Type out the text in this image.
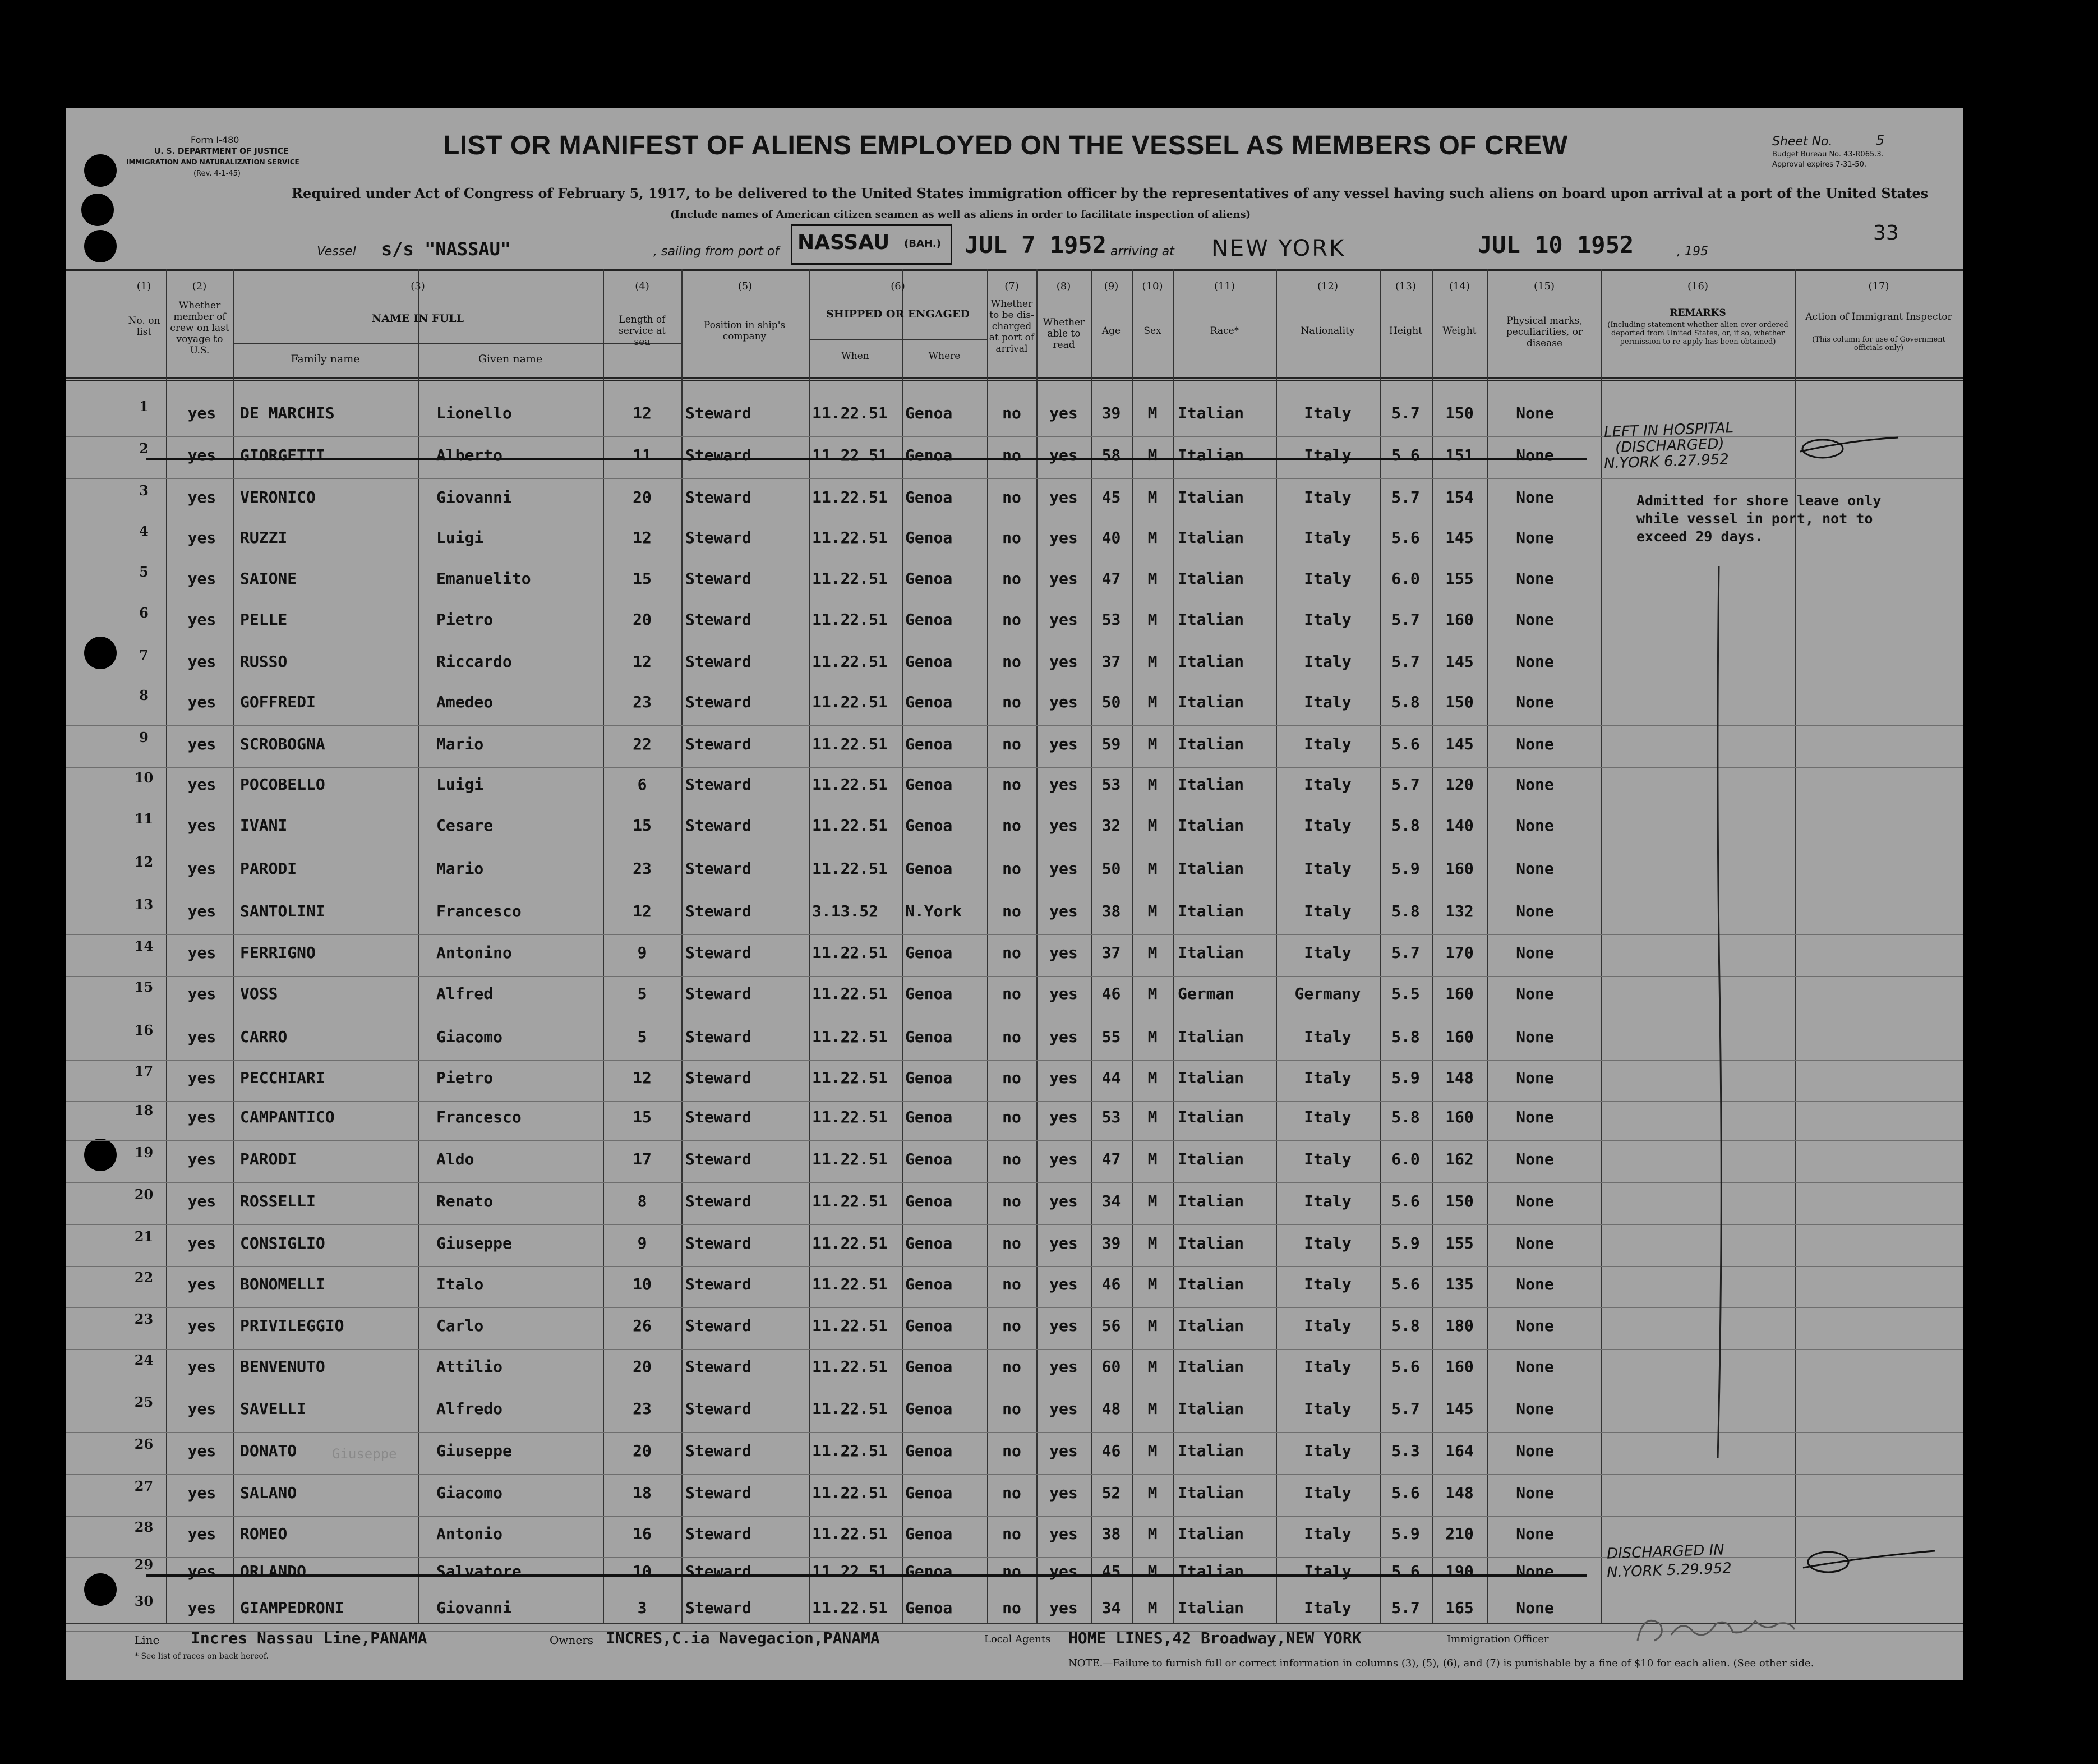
Form I-480
U. S. DEPARTMENT OF JUSTICE
IMMIGRATION AND NATURALIZATION SERVICE
(Rev. 4-1-45)
LIST OR MANIFEST OF ALIENS EMPLOYED ON THE VESSEL AS MEMBERS OF CREW	Sheet No.	5
Budget Bureau No. 43-R065.3.
Approval expires 7-31-50.
Required under Act of Congress of February 5, 1917, to be delivered to the United States immigration officer by the representatives of any vessel having such aliens on board upon arrival at a port of the United States
(Include names of American citizen seamen as well as aliens in order to facilitate inspection of aliens)
Vessel s/s "NASSAU"	, sailing from port of NASSAU (BAH.) JUL 7 1952 arriving at NEW YORK	JUL 10 1952	, 195
33
(1)	(2)	(3)	(4)	(5)	(6)	(7)	(8)	(9)	(10)	(11)	(12)	(13)	(14)	(15)	(16)	(17)
No. on list
Whether member of crew on last voyage to U.S.
NAME IN FULL
Family name	Given name
Length of service at sea
Position in ship's company
SHIPPED OR ENGAGED
When	Where
Whether to be dis-charged at port of arrival
Whether able to read
Age	Sex	Race*	Nationality	Height	Weight
Physical marks, peculiarities, or disease
REMARKS
(Including statement whether alien ever ordered deported from United States, or, if so, whether permission to re-apply has been obtained)
Action of Immigrant Inspector
(This column for use of Government officials only)
1	yes	DE MARCHIS	Lionello	12	Steward	11.22.51	Genoa	no	yes	39	M	Italian	Italy	5.7	150	None
2	yes	GIORGETTI	Alberto	11	Steward	11.22.51	Genoa	no	yes	58	M	Italian	Italy	5.6	151	None
3	yes	VERONICO	Giovanni	20	Steward	11.22.51	Genoa	no	yes	45	M	Italian	Italy	5.7	154	None
4	yes	RUZZI	Luigi	12	Steward	11.22.51	Genoa	no	yes	40	M	Italian	Italy	5.6	145	None
5	yes	SAIONE	Emanuelito	15	Steward	11.22.51	Genoa	no	yes	47	M	Italian	Italy	6.0	155	None
6	yes	PELLE	Pietro	20	Steward	11.22.51	Genoa	no	yes	53	M	Italian	Italy	5.7	160	None
7	yes	RUSSO	Riccardo	12	Steward	11.22.51	Genoa	no	yes	37	M	Italian	Italy	5.7	145	None
8	yes	GOFFREDI	Amedeo	23	Steward	11.22.51	Genoa	no	yes	50	M	Italian	Italy	5.8	150	None
9	yes	SCROBOGNA	Mario	22	Steward	11.22.51	Genoa	no	yes	59	M	Italian	Italy	5.6	145	None
10	yes	POCOBELLO	Luigi	6	Steward	11.22.51	Genoa	no	yes	53	M	Italian	Italy	5.7	120	None
11	yes	IVANI	Cesare	15	Steward	11.22.51	Genoa	no	yes	32	M	Italian	Italy	5.8	140	None
12	yes	PARODI	Mario	23	Steward	11.22.51	Genoa	no	yes	50	M	Italian	Italy	5.9	160	None
13	yes	SANTOLINI	Francesco	12	Steward	3.13.52	N.York	no	yes	38	M	Italian	Italy	5.8	132	None
14	yes	FERRIGNO	Antonino	9	Steward	11.22.51	Genoa	no	yes	37	M	Italian	Italy	5.7	170	None
15	yes	VOSS	Alfred	5	Steward	11.22.51	Genoa	no	yes	46	M	German	Germany	5.5	160	None
16	yes	CARRO	Giacomo	5	Steward	11.22.51	Genoa	no	yes	55	M	Italian	Italy	5.8	160	None
17	yes	PECCHIARI	Pietro	12	Steward	11.22.51	Genoa	no	yes	44	M	Italian	Italy	5.9	148	None
18	yes	CAMPANTICO	Francesco	15	Steward	11.22.51	Genoa	no	yes	53	M	Italian	Italy	5.8	160	None
19	yes	PARODI	Aldo	17	Steward	11.22.51	Genoa	no	yes	47	M	Italian	Italy	6.0	162	None
20	yes	ROSSELLI	Renato	8	Steward	11.22.51	Genoa	no	yes	34	M	Italian	Italy	5.6	150	None
21	yes	CONSIGLIO	Giuseppe	9	Steward	11.22.51	Genoa	no	yes	39	M	Italian	Italy	5.9	155	None
22	yes	BONOMELLI	Italo	10	Steward	11.22.51	Genoa	no	yes	46	M	Italian	Italy	5.6	135	None
23	yes	PRIVILEGGIO	Carlo	26	Steward	11.22.51	Genoa	no	yes	56	M	Italian	Italy	5.8	180	None
24	yes	BENVENUTO	Attilio	20	Steward	11.22.51	Genoa	no	yes	60	M	Italian	Italy	5.6	160	None
25	yes	SAVELLI	Alfredo	23	Steward	11.22.51	Genoa	no	yes	48	M	Italian	Italy	5.7	145	None
26	yes	DONATO	Giuseppe	20	Steward	11.22.51	Genoa	no	yes	46	M	Italian	Italy	5.3	164	None
27	yes	SALANO	Giacomo	18	Steward	11.22.51	Genoa	no	yes	52	M	Italian	Italy	5.6	148	None
28	yes	ROMEO	Antonio	16	Steward	11.22.51	Genoa	no	yes	38	M	Italian	Italy	5.9	210	None
29	yes	ORLANDO	Salvatore	10	Steward	11.22.51	Genoa	no	yes	45	M	Italian	Italy	5.6	190	None
30	yes	GIAMPEDRONI	Giovanni	3	Steward	11.22.51	Genoa	no	yes	34	M	Italian	Italy	5.7	165	None
LEFT IN HOSPITAL
(DISCHARGED)
N.YORK 6.27.952
Admitted for shore leave only
while vessel in port, not to
exceed 29 days.
DISCHARGED IN
N.YORK 5.29.952
Giuseppe
Line Incres Nassau Line,PANAMA	Owners INCRES,C.ia Navegacion,PANAMA	Local Agents HOME LINES,42 Broadway,NEW YORK	Immigration Officer
* See list of races on back hereof.
NOTE.—Failure to furnish full or correct information in columns (3), (5), (6), and (7) is punishable by a fine of $10 for each alien. (See other side.
